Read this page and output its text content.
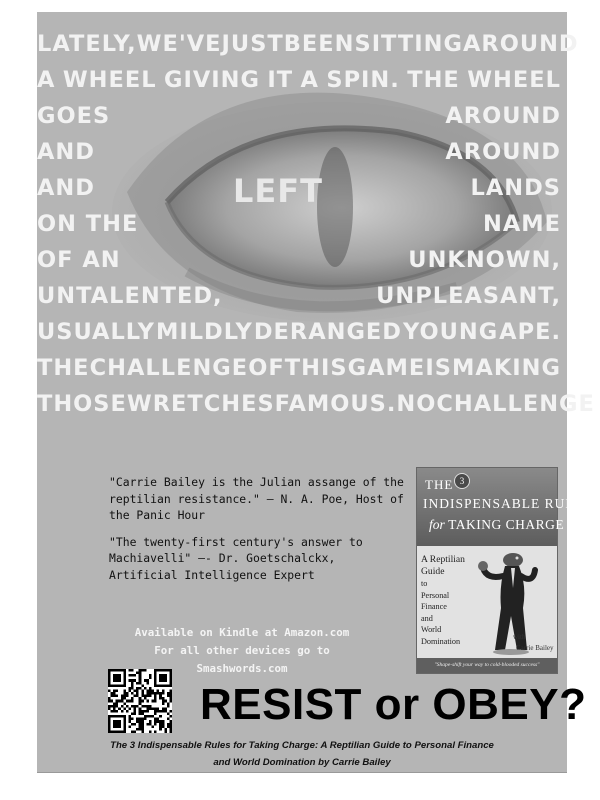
LATELY, WE'VE JUST BEEN SITTING AROUND
A WHEEL GIVING IT A SPIN. THE WHEEL
GOES	AROUND
AND	AROUND
AND	LANDS
ON THE	NAME
OF AN	UNKNOWN,
UNTALENTED,	UNPLEASANT,
USUALLY MILDLY DERANGED YOUNG APE.
THE CHALLENGE OF THIS GAME IS MAKING
THOSE WRETCHES FAMOUS. NO CHALLENGE
LEFT

"Carrie Bailey is the Julian assange of the reptilian resistance." – N. A. Poe, Host of the Panic Hour

"The twenty-first century's answer to Machiavelli" –- Dr. Goetschalckx, Artificial Intelligence Expert

Available on Kindle at Amazon.com
For all other devices go to
Smashwords.com
THE 3
INDISPENSABLE RULES
for TAKING CHARGE
A Reptilian Guide
to
Personal
Finance
and
World
Domination	with
Carrie Bailey
"Shape-shift your way to cold-blooded success"
RESIST or OBEY?
The 3 Indispensable Rules for Taking Charge: A Reptilian Guide to Personal Finance
and World Domination by Carrie Bailey
